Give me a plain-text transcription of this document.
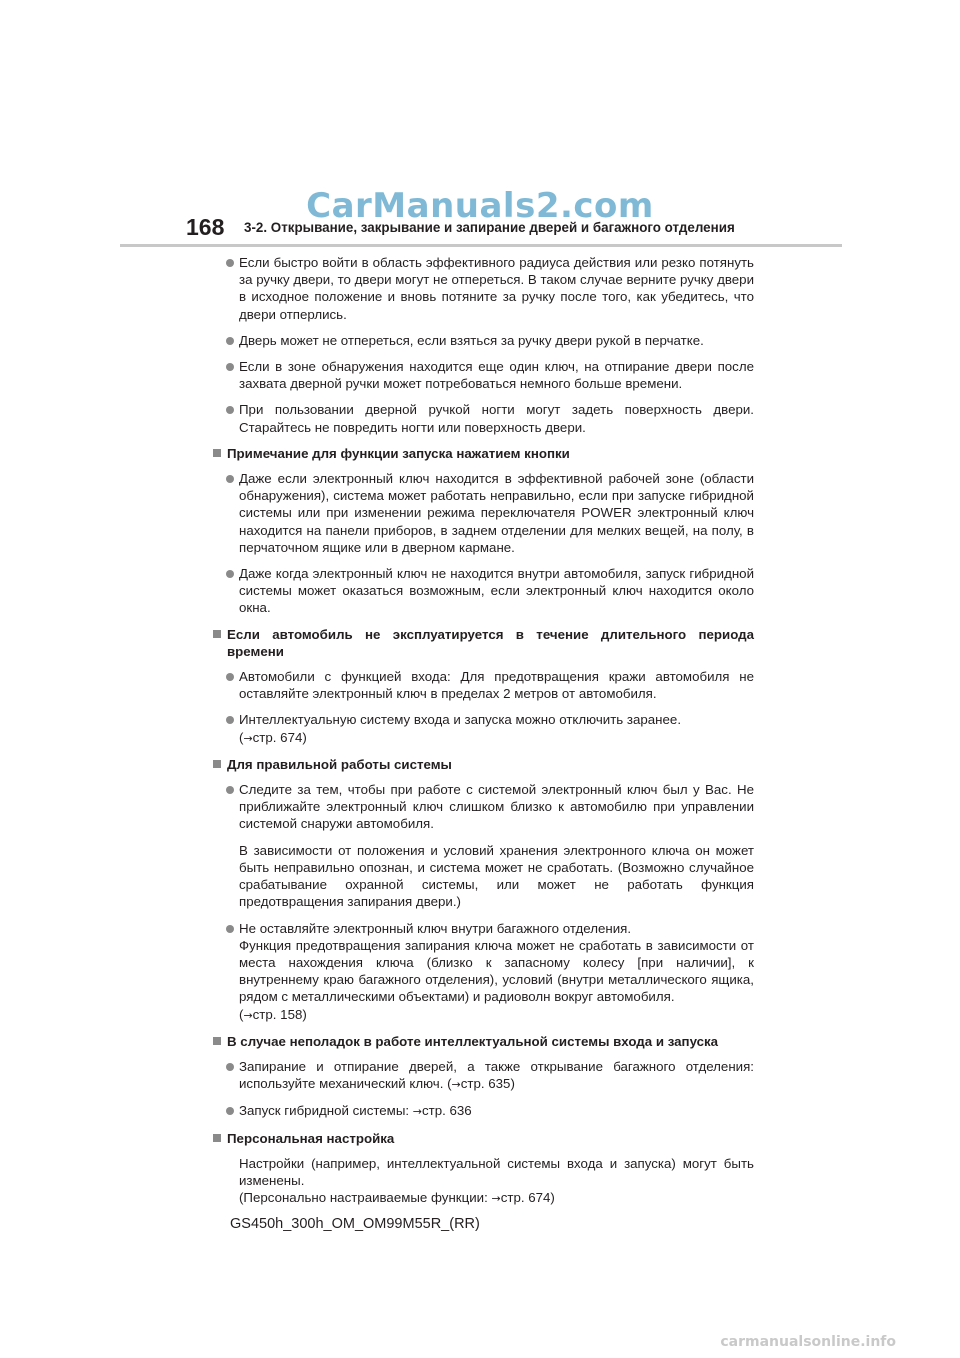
CarManuals2.com
168 3-2. Открывание, закрывание и запирание дверей и багажного отделения

Если быстро войти в область эффективного радиуса действия или резко потянуть за ручку двери, то двери могут не отпереться. В таком случае верните ручку двери в исходное положение и вновь потяните за ручку после того, как убедитесь, что двери отперлись.

Дверь может не отпереться, если взяться за ручку двери рукой в перчатке.

Если в зоне обнаружения находится еще один ключ, на отпирание двери после захвата дверной ручки может потребоваться немного больше времени.

При пользовании дверной ручкой ногти могут задеть поверхность двери. Старайтесь не повредить ногти или поверхность двери.

Примечание для функции запуска нажатием кнопки

Даже если электронный ключ находится в эффективной рабочей зоне (области обнаружения), система может работать неправильно, если при запуске гибридной системы или при изменении режима переключателя POWER электронный ключ находится на панели приборов, в заднем отделении для мелких вещей, на полу, в перчаточном ящике или в дверном кармане.

Даже когда электронный ключ не находится внутри автомобиля, запуск гибридной системы может оказаться возможным, если электронный ключ находится около окна.

Если автомобиль не эксплуатируется в течение длительного периода времени

Автомобили с функцией входа: Для предотвращения кражи автомобиля не оставляйте электронный ключ в пределах 2 метров от автомобиля.

Интеллектуальную систему входа и запуска можно отключить заранее.
(→стр. 674)

Для правильной работы системы

Следите за тем, чтобы при работе с системой электронный ключ был у Вас. Не приближайте электронный ключ слишком близко к автомобилю при управлении системой снаружи автомобиля.

В зависимости от положения и условий хранения электронного ключа он может быть неправильно опознан, и система может не сработать. (Возможно случайное срабатывание охранной системы, или может не работать функция предотвращения запирания двери.)

Не оставляйте электронный ключ внутри багажного отделения.
Функция предотвращения запирания ключа может не сработать в зависимости от места нахождения ключа (близко к запасному колесу [при наличии], к внутреннему краю багажного отделения), условий (внутри металлического ящика, рядом с металлическими объектами) и радиоволн вокруг автомобиля.
(→стр. 158)

В случае неполадок в работе интеллектуальной системы входа и запуска

Запирание и отпирание дверей, а также открывание багажного отделения: используйте механический ключ. (→стр. 635)

Запуск гибридной системы: →стр. 636

Персональная настройка

Настройки (например, интеллектуальной системы входа и запуска) могут быть изменены.
(Персонально настраиваемые функции: →стр. 674)

GS450h_300h_OM_OM99M55R_(RR)
carmanualsonline.info
